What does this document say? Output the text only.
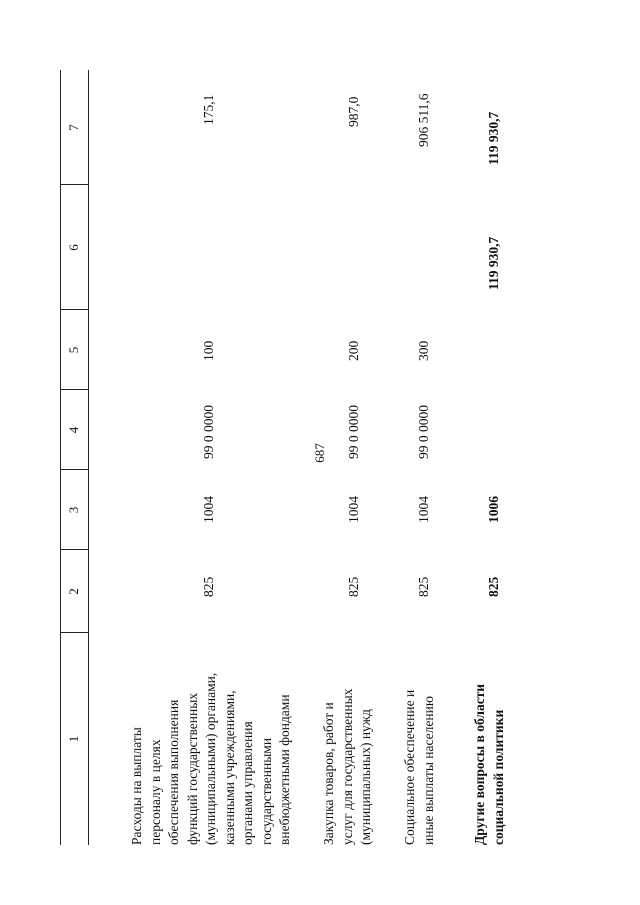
687
1
2
3
4
5
6
7
Расходы на выплаты персоналу в целях обеспечения выполнения функций государственных (муниципальными) органами, казенными учреждениями, органами управления государственными внебюджетными фондами
825
1004
99 0 0000
100
175,1
Закупка товаров, работ и услуг для государственных (муниципальных) нужд
825
1004
99 0 0000
200
987,0
Социальное обеспечение и иные выплаты населению
825
1004
99 0 0000
300
906 511,6
Другие вопросы в области социальной политики
825
1006
119 930,7
119 930,7
